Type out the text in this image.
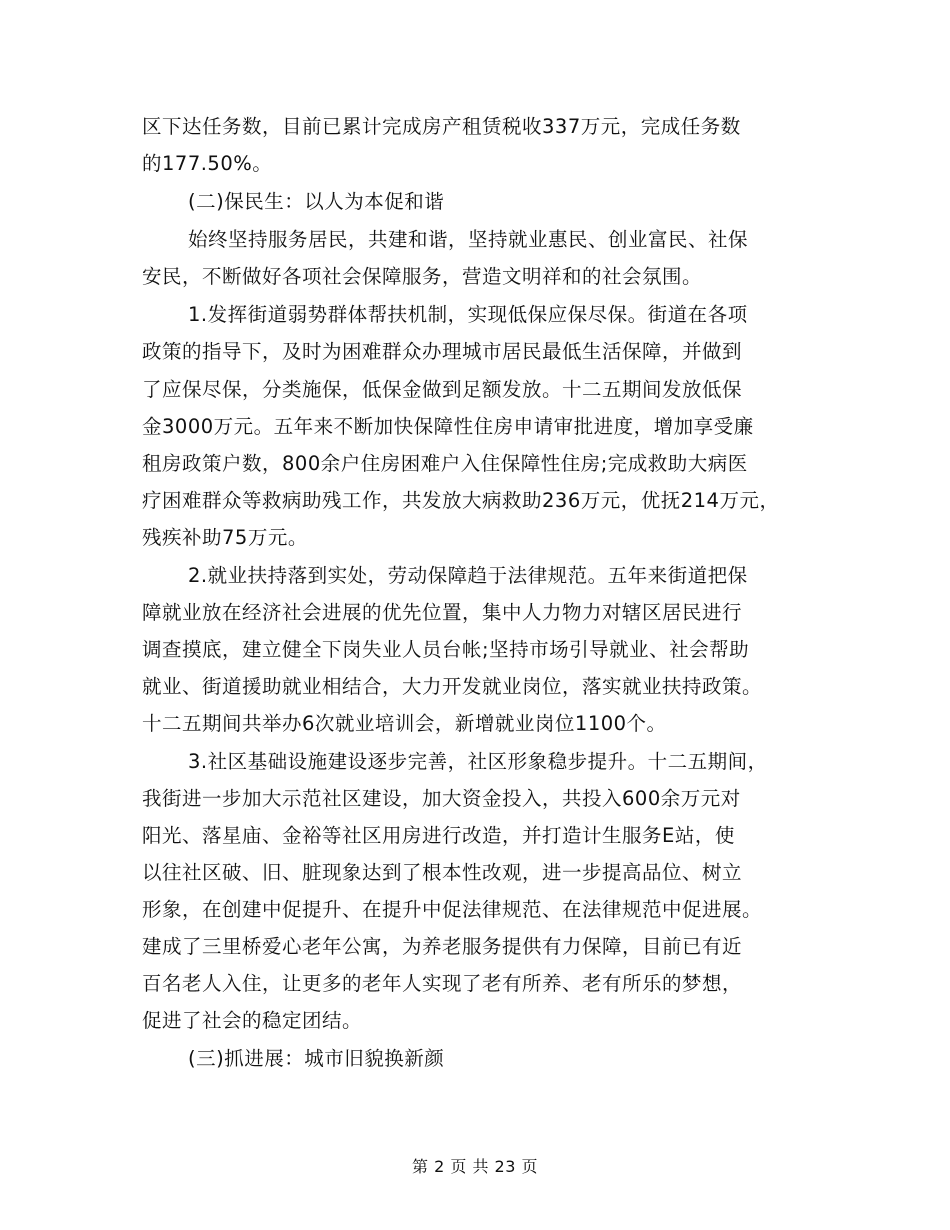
区下达任务数，目前已累计完成房产租赁税收337万元，完成任务数
的177.50%。
(二)保民生：以人为本促和谐
始终坚持服务居民，共建和谐，坚持就业惠民、创业富民、社保
安民，不断做好各项社会保障服务，营造文明祥和的社会氛围。
1.发挥街道弱势群体帮扶机制，实现低保应保尽保。街道在各项
政策的指导下，及时为困难群众办理城市居民最低生活保障，并做到
了应保尽保，分类施保，低保金做到足额发放。十二五期间发放低保
金3000万元。五年来不断加快保障性住房申请审批进度，增加享受廉
租房政策户数，800余户住房困难户入住保障性住房;完成救助大病医
疗困难群众等救病助残工作，共发放大病救助236万元，优抚214万元，
残疾补助75万元。
2.就业扶持落到实处，劳动保障趋于法律规范。五年来街道把保
障就业放在经济社会进展的优先位置，集中人力物力对辖区居民进行
调查摸底，建立健全下岗失业人员台帐;坚持市场引导就业、社会帮助
就业、街道援助就业相结合，大力开发就业岗位，落实就业扶持政策。
十二五期间共举办6次就业培训会，新增就业岗位1100个。
3.社区基础设施建设逐步完善，社区形象稳步提升。十二五期间，
我街进一步加大示范社区建设，加大资金投入，共投入600余万元对
阳光、落星庙、金裕等社区用房进行改造，并打造计生服务E站，使
以往社区破、旧、脏现象达到了根本性改观，进一步提高品位、树立
形象，在创建中促提升、在提升中促法律规范、在法律规范中促进展。
建成了三里桥爱心老年公寓，为养老服务提供有力保障，目前已有近
百名老人入住，让更多的老年人实现了老有所养、老有所乐的梦想，
促进了社会的稳定团结。
(三)抓进展：城市旧貌换新颜
第 2 页 共 23 页
